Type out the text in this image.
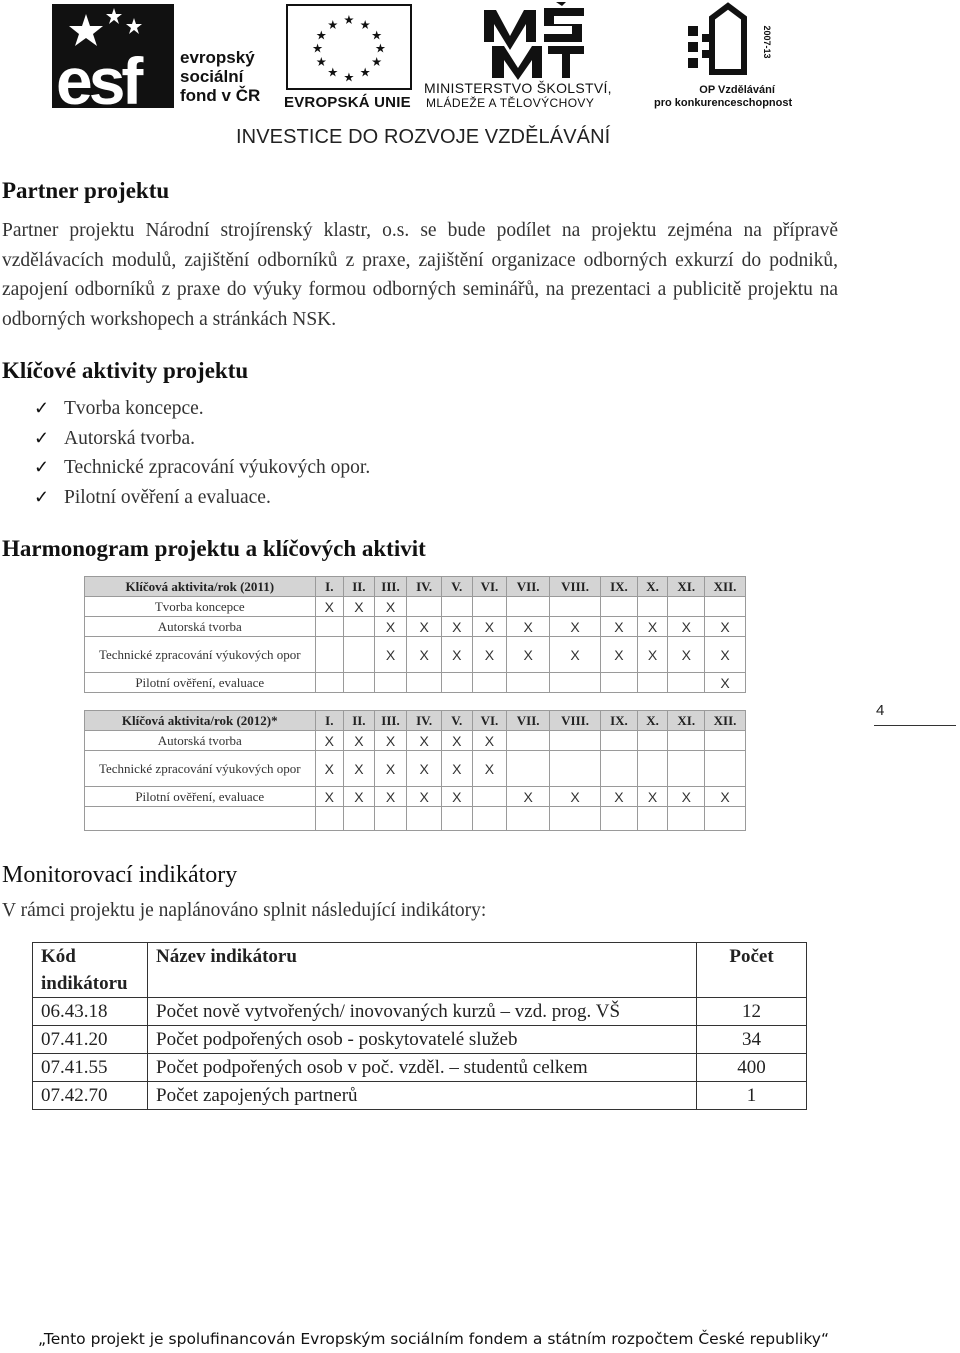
esf evropský
sociální
fond v ČR
★ ★
★
★
★
★
★
★
★
★
★
★
EVROPSKÁ UNIE
MINISTERSTVO ŠKOLSTVÍ,
MLÁDEŽE A TĚLOVÝCHOVY
2007-13
OP Vzdělávání
pro konkurenceschopnost
INVESTICE DO ROZVOJE VZDĚLÁVÁNÍ
Partner projektu

Partner projektu Národní strojírenský klastr, o.s. se bude podílet na projektu zejména na přípravě vzdělávacích modulů, zajištění odborníků z praxe, zajištění organizace odborných exkurzí do podniků, zapojení odborníků z praxe do výuky formou odborných seminářů, na prezentaci a publicitě projektu na odborných workshopech a stránkách NSK.

Klíčové aktivity projektu
✓ Tvorba koncepce.
✓ Autorská tvorba.
✓ Technické zpracování výukových opor.
✓ Pilotní ověření a evaluace.
Harmonogram projektu a klíčových aktivit
Klíčová aktivita/rok (2011)	I.	II.	III.	IV.	V.	VI.	VII.	VIII.	IX.	X.	XI.	XII.
Tvorba koncepce	X	X	X									
Autorská tvorba			X	X	X	X	X	X	X	X	X	X
Technické zpracování výukových opor			X	X	X	X	X	X	X	X	X	X
Pilotní ověření, evaluace												X
Klíčová aktivita/rok (2012)*	I.	II.	III.	IV.	V.	VI.	VII.	VIII.	IX.	X.	XI.	XII.
Autorská tvorba	X	X	X	X	X	X						
Technické zpracování výukových opor	X	X	X	X	X	X						
Pilotní ověření, evaluace	X	X	X	X	X		X	X	X	X	X	X

4
Monitorovací indikátory

V rámci projektu je naplánováno splnit následující indikátory:

Kód indikátoru	Název indikátoru	Počet
06.43.18	Počet nově vytvořených/ inovovaných kurzů – vzd. prog. VŠ	12
07.41.20	Počet podpořených osob - poskytovatelé služeb	34
07.41.55	Počet podpořených osob v poč. vzděl. – studentů celkem	400
07.42.70	Počet zapojených partnerů	1
„Tento projekt je spolufinancován Evropským sociálním fondem a státním rozpočtem České republiky“
